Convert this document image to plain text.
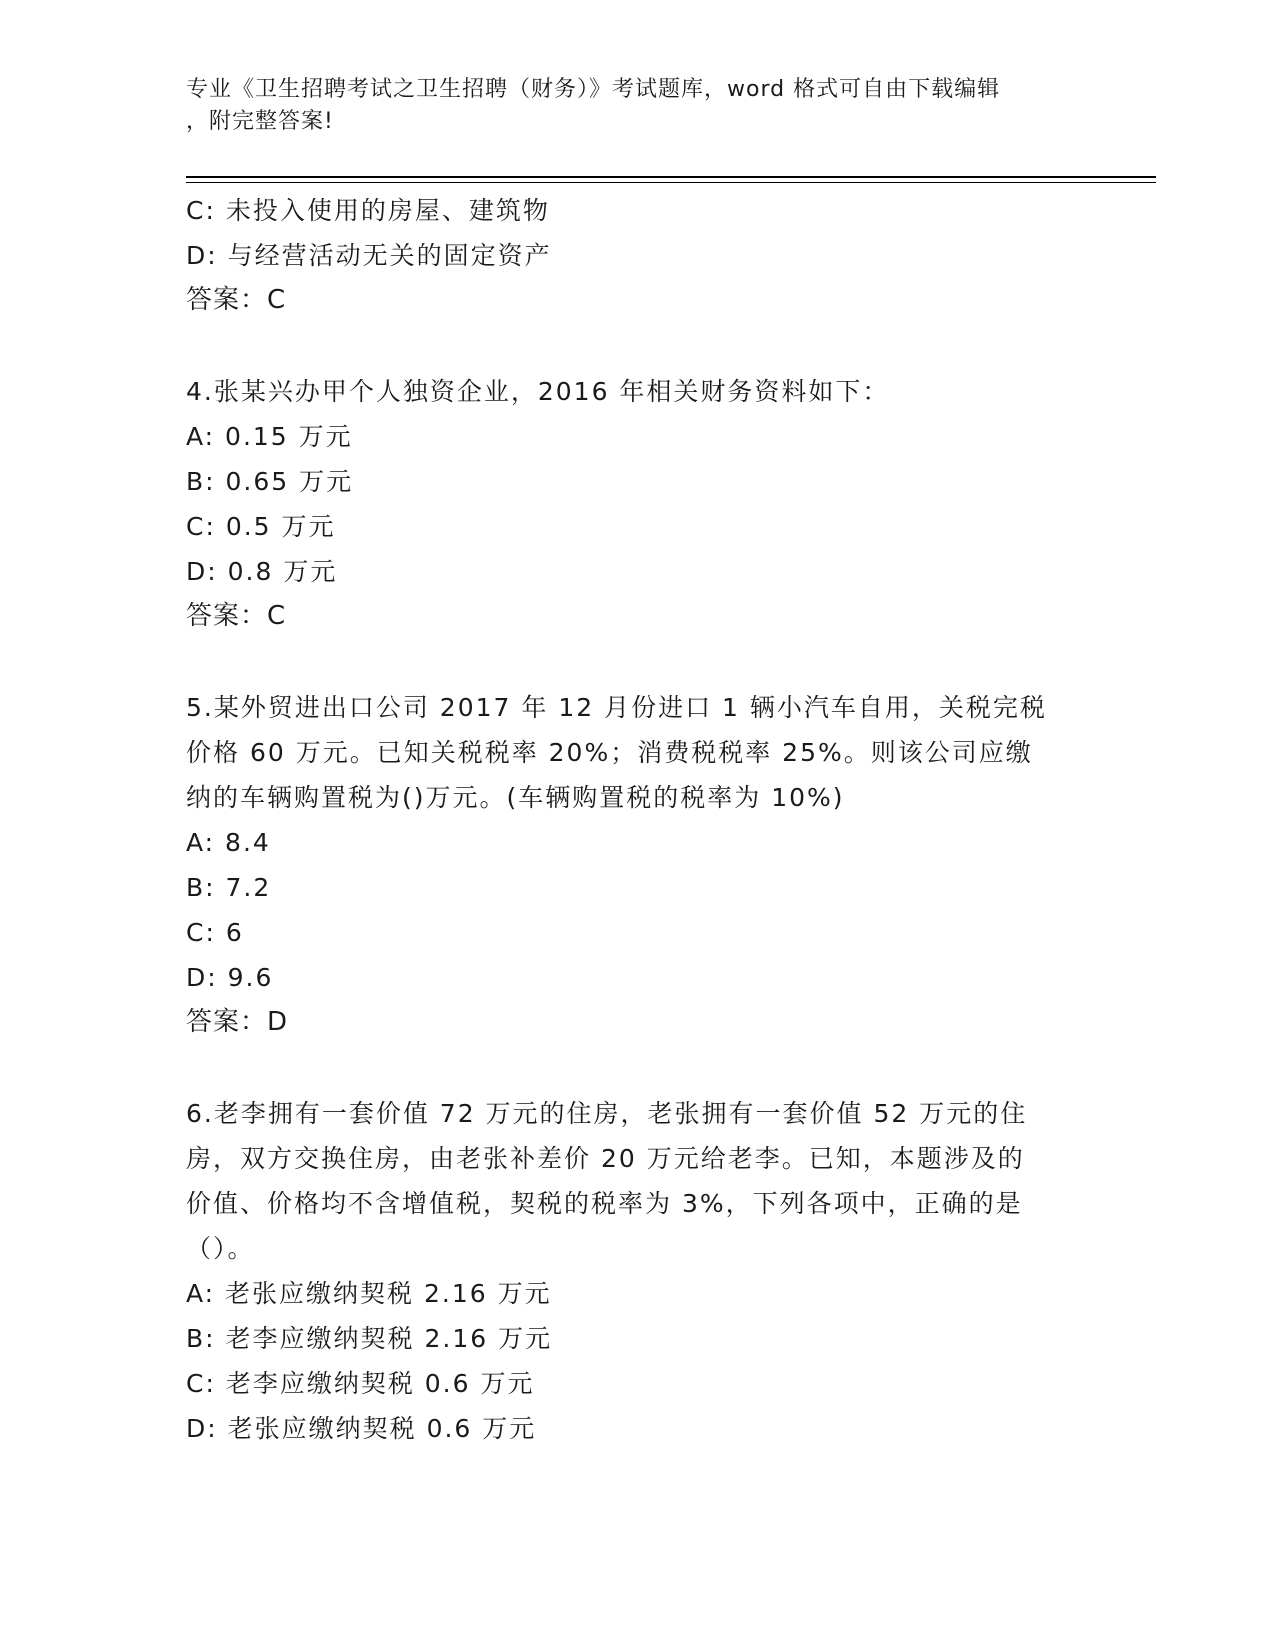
专业《卫生招聘考试之卫生招聘（财务）》考试题库，word 格式可自由下载编辑
，附完整答案!
C: 未投入使用的房屋、建筑物
D: 与经营活动无关的固定资产
答案：C
4.张某兴办甲个人独资企业，2016 年相关财务资料如下：
A: 0.15 万元
B: 0.65 万元
C: 0.5 万元
D: 0.8 万元
答案：C
5.某外贸进出口公司 2017 年 12 月份进口 1 辆小汽车自用，关税完税
价格 60 万元。已知关税税率 20%；消费税税率 25%。则该公司应缴
纳的车辆购置税为()万元。(车辆购置税的税率为 10%)
A: 8.4
B: 7.2
C: 6
D: 9.6
答案：D
6.老李拥有一套价值 72 万元的住房，老张拥有一套价值 52 万元的住
房，双方交换住房，由老张补差价 20 万元给老李。已知，本题涉及的
价值、价格均不含增值税，契税的税率为 3%，下列各项中，正确的是
（）。
A: 老张应缴纳契税 2.16 万元
B: 老李应缴纳契税 2.16 万元
C: 老李应缴纳契税 0.6 万元
D: 老张应缴纳契税 0.6 万元
